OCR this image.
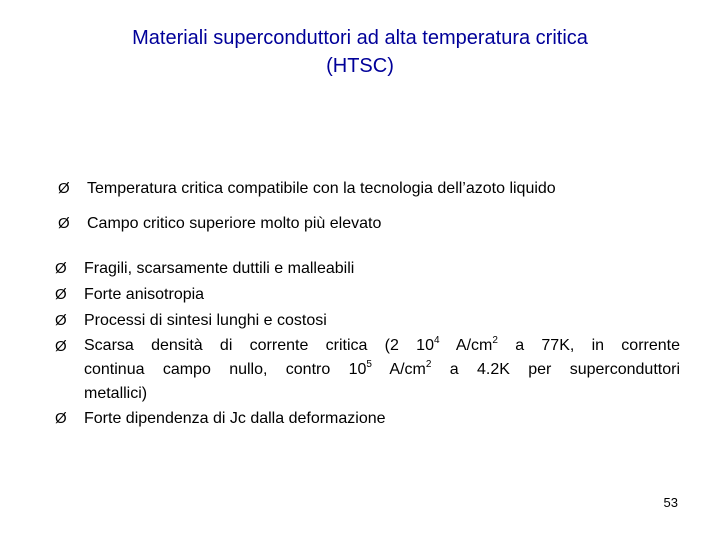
Materiali superconduttori ad alta temperatura critica
(HTSC)
Ø	Temperatura critica compatibile con la tecnologia dell’azoto liquido
Ø	Campo critico superiore molto più elevato
Ø	Fragili, scarsamente duttili e malleabili
Ø	Forte anisotropia
Ø	Processi di sintesi lunghi e costosi
Ø Scarsa densità di corrente critica (2 $10^4$ $A/cm^2$ a 77K, in corrente
continua campo nullo, contro $10^5$ $A/cm^2$ a 4.2K per superconduttori
metallici)
Ø	Forte dipendenza di Jc dalla deformazione
53
